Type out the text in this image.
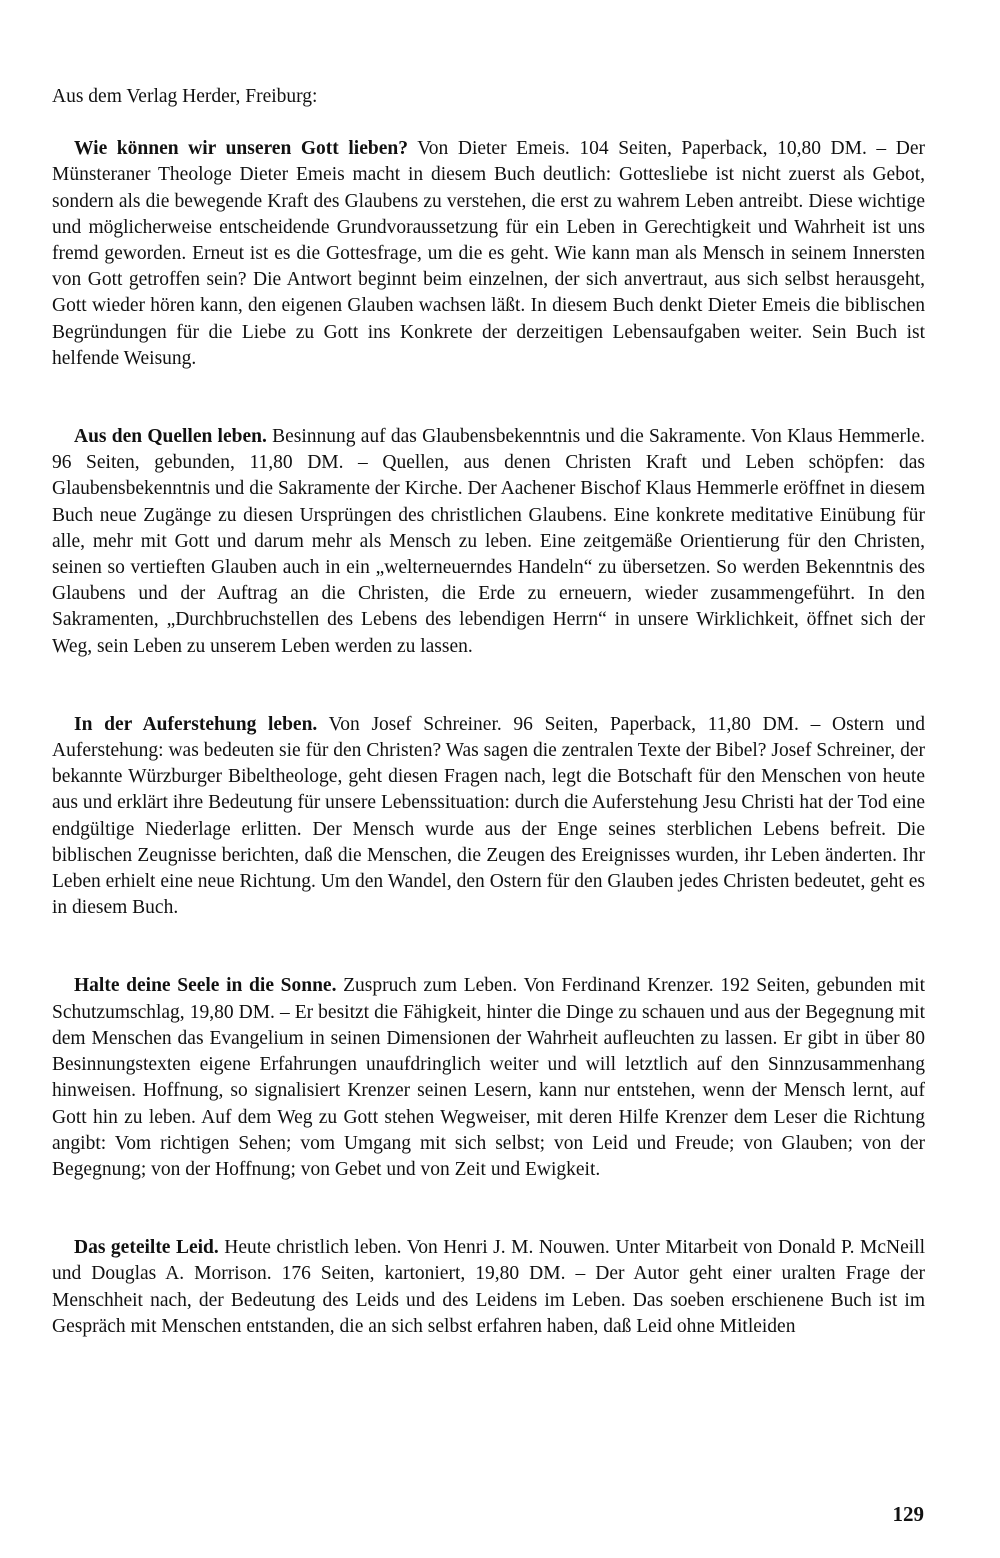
Aus dem Verlag Herder, Freiburg:

Wie können wir unseren Gott lieben? Von Dieter Emeis. 104 Seiten, Paperback, 10,80 DM. – Der Münsteraner Theologe Dieter Emeis macht in diesem Buch deutlich: Gottesliebe ist nicht zuerst als Gebot, sondern als die bewegende Kraft des Glaubens zu verstehen, die erst zu wahrem Leben antreibt. Diese wichtige und möglicherweise entscheidende Grundvoraussetzung für ein Leben in Gerechtigkeit und Wahrheit ist uns fremd geworden. Erneut ist es die Gottesfrage, um die es geht. Wie kann man als Mensch in seinem Innersten von Gott getroffen sein? Die Antwort beginnt beim einzelnen, der sich anvertraut, aus sich selbst herausgeht, Gott wieder hören kann, den eigenen Glauben wachsen läßt. In diesem Buch denkt Dieter Emeis die biblischen Begründungen für die Liebe zu Gott ins Konkrete der derzeitigen Lebensaufgaben weiter. Sein Buch ist helfende Weisung.

Aus den Quellen leben. Besinnung auf das Glaubensbekenntnis und die Sakramente. Von Klaus Hemmerle. 96 Seiten, gebunden, 11,80 DM. – Quellen, aus denen Christen Kraft und Leben schöpfen: das Glaubensbekenntnis und die Sakramente der Kirche. Der Aachener Bischof Klaus Hemmerle eröffnet in diesem Buch neue Zugänge zu diesen Ursprüngen des christlichen Glaubens. Eine konkrete meditative Einübung für alle, mehr mit Gott und darum mehr als Mensch zu leben. Eine zeitgemäße Orientierung für den Christen, seinen so vertieften Glauben auch in ein „welterneuerndes Handeln“ zu übersetzen. So werden Bekenntnis des Glaubens und der Auftrag an die Christen, die Erde zu erneuern, wieder zusammengeführt. In den Sakramenten, „Durchbruchstellen des Lebens des lebendigen Herrn“ in unsere Wirklichkeit, öffnet sich der Weg, sein Leben zu unserem Leben werden zu lassen.

In der Auferstehung leben. Von Josef Schreiner. 96 Seiten, Paperback, 11,80 DM. – Ostern und Auferstehung: was bedeuten sie für den Christen? Was sagen die zentralen Texte der Bibel? Josef Schreiner, der bekannte Würzburger Bibeltheologe, geht diesen Fragen nach, legt die Botschaft für den Menschen von heute aus und erklärt ihre Bedeutung für unsere Lebenssituation: durch die Auferstehung Jesu Christi hat der Tod eine endgültige Niederlage erlitten. Der Mensch wurde aus der Enge seines sterblichen Lebens befreit. Die biblischen Zeugnisse berichten, daß die Menschen, die Zeugen des Ereignisses wurden, ihr Leben änderten. Ihr Leben erhielt eine neue Richtung. Um den Wandel, den Ostern für den Glauben jedes Christen bedeutet, geht es in diesem Buch.

Halte deine Seele in die Sonne. Zuspruch zum Leben. Von Ferdinand Krenzer. 192 Seiten, gebunden mit Schutzumschlag, 19,80 DM. – Er besitzt die Fähigkeit, hinter die Dinge zu schauen und aus der Begegnung mit dem Menschen das Evangelium in seinen Dimensionen der Wahrheit aufleuchten zu lassen. Er gibt in über 80 Besinnungstexten eigene Erfahrungen unaufdringlich weiter und will letztlich auf den Sinnzusammenhang hinweisen. Hoffnung, so signalisiert Krenzer seinen Lesern, kann nur entstehen, wenn der Mensch lernt, auf Gott hin zu leben. Auf dem Weg zu Gott stehen Wegweiser, mit deren Hilfe Krenzer dem Leser die Richtung angibt: Vom richtigen Sehen; vom Umgang mit sich selbst; von Leid und Freude; von Glauben; von der Begegnung; von der Hoffnung; von Gebet und von Zeit und Ewigkeit.

Das geteilte Leid. Heute christlich leben. Von Henri J. M. Nouwen. Unter Mitarbeit von Donald P. McNeill und Douglas A. Morrison. 176 Seiten, kartoniert, 19,80 DM. – Der Autor geht einer uralten Frage der Menschheit nach, der Bedeutung des Leids und des Leidens im Leben. Das soeben erschienene Buch ist im Gespräch mit Menschen entstanden, die an sich selbst erfahren haben, daß Leid ohne Mitleiden

129
